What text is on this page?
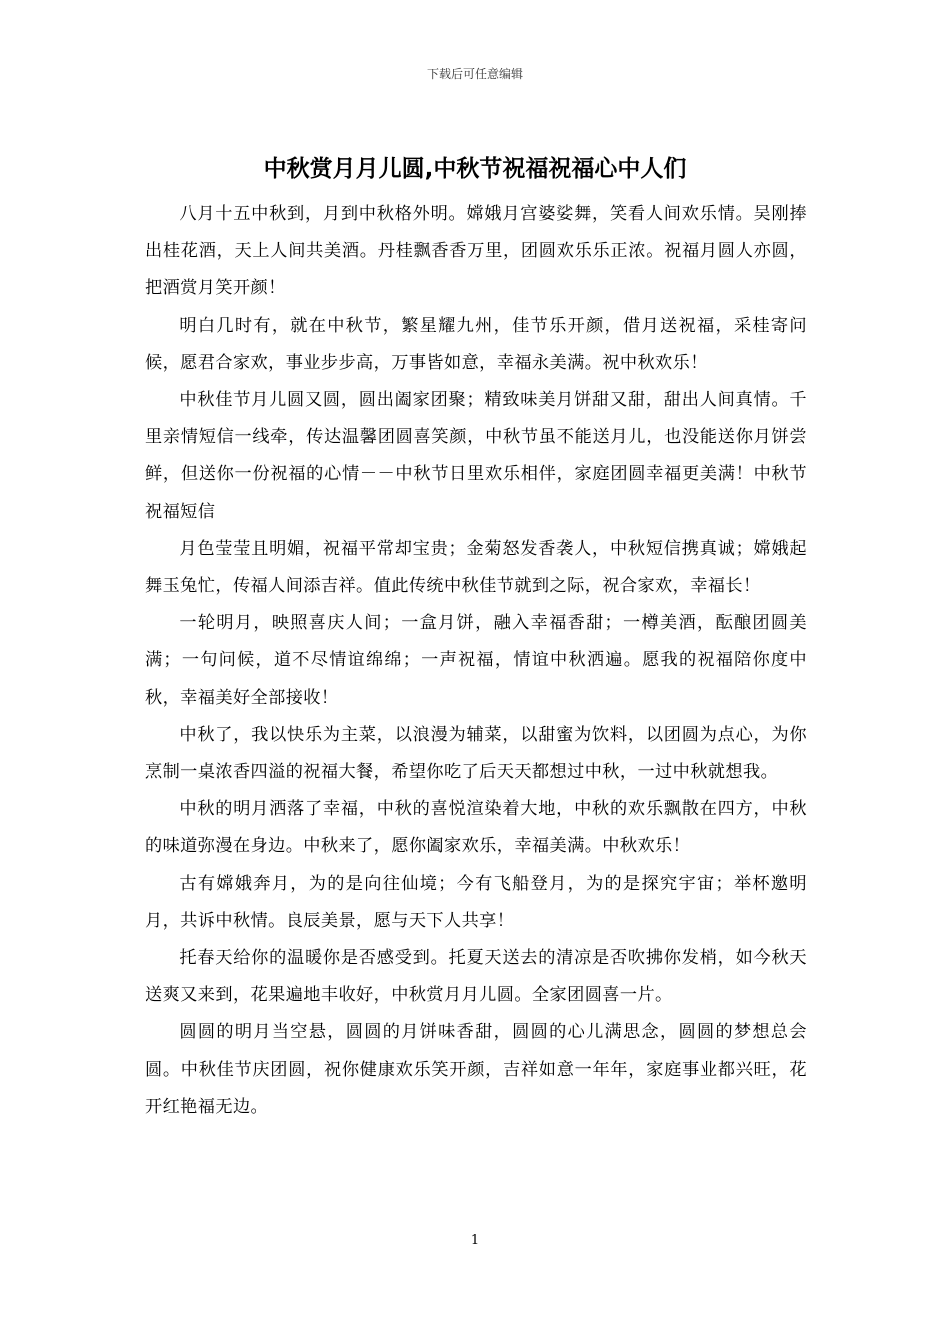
下载后可任意编辑
中秋赏月月儿圆,中秋节祝福祝福心中人们

八月十五中秋到，月到中秋格外明。嫦娥月宫婆娑舞，笑看人间欢乐情。吴刚捧出桂花酒，天上人间共美酒。丹桂飘香香万里，团圆欢乐乐正浓。祝福月圆人亦圆，把酒赏月笑开颜！

明白几时有，就在中秋节，繁星耀九州，佳节乐开颜，借月送祝福，采桂寄问候，愿君合家欢，事业步步高，万事皆如意，幸福永美满。祝中秋欢乐！

中秋佳节月儿圆又圆，圆出阖家团聚；精致味美月饼甜又甜，甜出人间真情。千里亲情短信一线牵，传达温馨团圆喜笑颜，中秋节虽不能送月儿，也没能送你月饼尝鲜，但送你一份祝福的心情－－中秋节日里欢乐相伴，家庭团圆幸福更美满！中秋节祝福短信

月色莹莹且明媚，祝福平常却宝贵；金菊怒发香袭人，中秋短信携真诚；嫦娥起舞玉兔忙，传福人间添吉祥。值此传统中秋佳节就到之际，祝合家欢，幸福长！

一轮明月，映照喜庆人间；一盒月饼，融入幸福香甜；一樽美酒，酝酿团圆美满；一句问候，道不尽情谊绵绵；一声祝福，情谊中秋洒遍。愿我的祝福陪你度中秋，幸福美好全部接收！

中秋了，我以快乐为主菜，以浪漫为辅菜，以甜蜜为饮料，以团圆为点心，为你烹制一桌浓香四溢的祝福大餐，希望你吃了后天天都想过中秋，一过中秋就想我。

中秋的明月洒落了幸福，中秋的喜悦渲染着大地，中秋的欢乐飘散在四方，中秋的味道弥漫在身边。中秋来了，愿你阖家欢乐，幸福美满。中秋欢乐！

古有嫦娥奔月，为的是向往仙境；今有飞船登月，为的是探究宇宙；举杯邀明月，共诉中秋情。良辰美景，愿与天下人共享！

托春天给你的温暖你是否感受到。托夏天送去的清凉是否吹拂你发梢，如今秋天送爽又来到，花果遍地丰收好，中秋赏月月儿圆。全家团圆喜一片。

圆圆的明月当空悬，圆圆的月饼味香甜，圆圆的心儿满思念，圆圆的梦想总会圆。中秋佳节庆团圆，祝你健康欢乐笑开颜，吉祥如意一年年，家庭事业都兴旺，花开红艳福无边。

1
